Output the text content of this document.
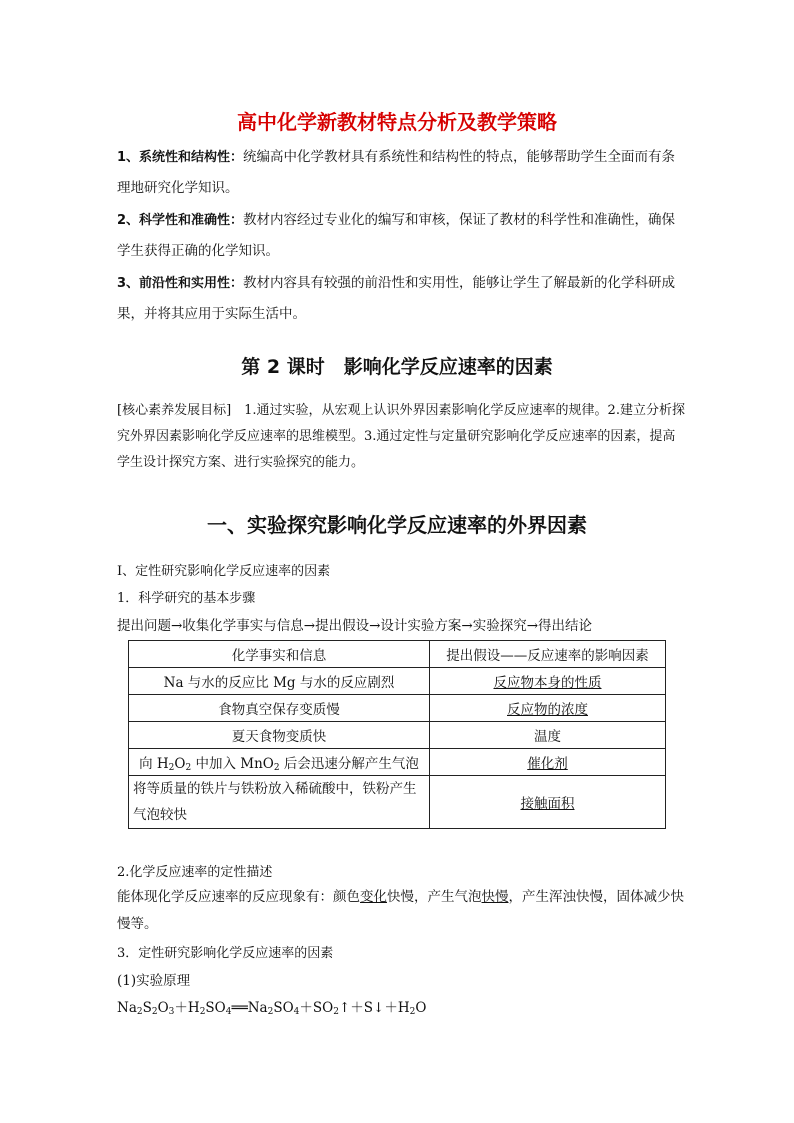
高中化学新教材特点分析及教学策略

1、系统性和结构性：统编高中化学教材具有系统性和结构性的特点，能够帮助学生全面而有条理地研究化学知识。

2、科学性和准确性：教材内容经过专业化的编写和审核，保证了教材的科学性和准确性，确保学生获得正确的化学知识。

3、前沿性和实用性：教材内容具有较强的前沿性和实用性，能够让学生了解最新的化学科研成果，并将其应用于实际生活中。

第 2 课时　影响化学反应速率的因素
[核心素养发展目标]　1.通过实验，从宏观上认识外界因素影响化学反应速率的规律。2.建立分析探究外界因素影响化学反应速率的思维模型。3.通过定性与定量研究影响化学反应速率的因素，提高学生设计探究方案、进行实验探究的能力。
一、实验探究影响化学反应速率的外界因素
Ⅰ、定性研究影响化学反应速率的因素
1．科学研究的基本步骤
提出问题→收集化学事实与信息→提出假设→设计实验方案→实验探究→得出结论
化学事实和信息	提出假设——反应速率的影响因素
Na 与水的反应比 Mg 与水的反应剧烈	反应物本身的性质
食物真空保存变质慢	反应物的浓度
夏天食物变质快	温度
向 $H_2O_2$ 中加入 MnO$_2$ 后会迅速分解产生气泡	催化剂
将等质量的铁片与铁粉放入稀硫酸中，铁粉产生气泡较快	接触面积
2.化学反应速率的定性描述
能体现化学反应速率的反应现象有：颜色变化快慢，产生气泡快慢，产生浑浊快慢，固体减少快慢等。
3．定性研究影响化学反应速率的因素
(1)实验原理
$Na_2S_2O_3+H_2SO_4══Na_2SO_4+SO_2↑+S↓+H_2O$
